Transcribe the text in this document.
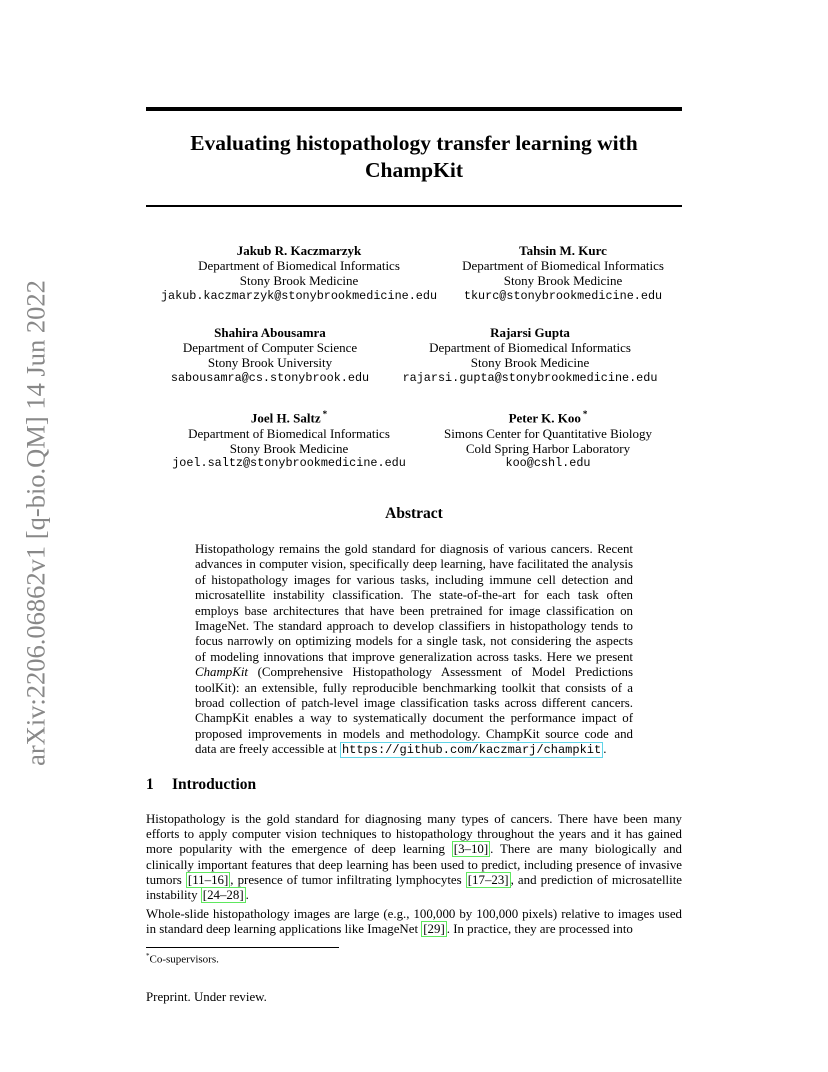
arXiv:2206.06862v1 [q-bio.QM] 14 Jun 2022
Evaluating histopathology transfer learning with
ChampKit
Jakub R. Kaczmarzyk
Department of Biomedical Informatics
Stony Brook Medicine
jakub.kaczmarzyk@stonybrookmedicine.edu
Tahsin M. Kurc
Department of Biomedical Informatics
Stony Brook Medicine
tkurc@stonybrookmedicine.edu
Shahira Abousamra
Department of Computer Science
Stony Brook University
sabousamra@cs.stonybrook.edu
Rajarsi Gupta
Department of Biomedical Informatics
Stony Brook Medicine
rajarsi.gupta@stonybrookmedicine.edu
Joel H. Saltz *
Department of Biomedical Informatics
Stony Brook Medicine
joel.saltz@stonybrookmedicine.edu
Peter K. Koo *
Simons Center for Quantitative Biology
Cold Spring Harbor Laboratory
koo@cshl.edu
Abstract
Histopathology remains the gold standard for diagnosis of various cancers. Recent advances in computer vision, specifically deep learning, have facilitated the analysis of histopathology images for various tasks, including immune cell detection and microsatellite instability classification. The state-of-the-art for each task often employs base architectures that have been pretrained for image classification on ImageNet. The standard approach to develop classifiers in histopathology tends to focus narrowly on optimizing models for a single task, not considering the aspects of modeling innovations that improve generalization across tasks. Here we present ChampKit (Comprehensive Histopathology Assessment of Model Predictions toolKit): an extensible, fully reproducible benchmarking toolkit that consists of a broad collection of patch-level image classification tasks across different cancers. ChampKit enables a way to systematically document the performance impact of proposed improvements in models and methodology. ChampKit source code and data are freely accessible at https://github.com/kaczmarj/champkit .
1 Introduction
Histopathology is the gold standard for diagnosing many types of cancers. There have been many efforts to apply computer vision techniques to histopathology throughout the years and it has gained more popularity with the emergence of deep learning [3–10] . There are many biologically and clinically important features that deep learning has been used to predict, including presence of invasive tumors [11–16] , presence of tumor infiltrating lymphocytes [17–23] , and prediction of microsatellite instability [24–28] .
Whole-slide histopathology images are large (e.g., 100,000 by 100,000 pixels) relative to images used in standard deep learning applications like ImageNet [29] . In practice, they are processed into
*Co-supervisors.
Preprint. Under review.
